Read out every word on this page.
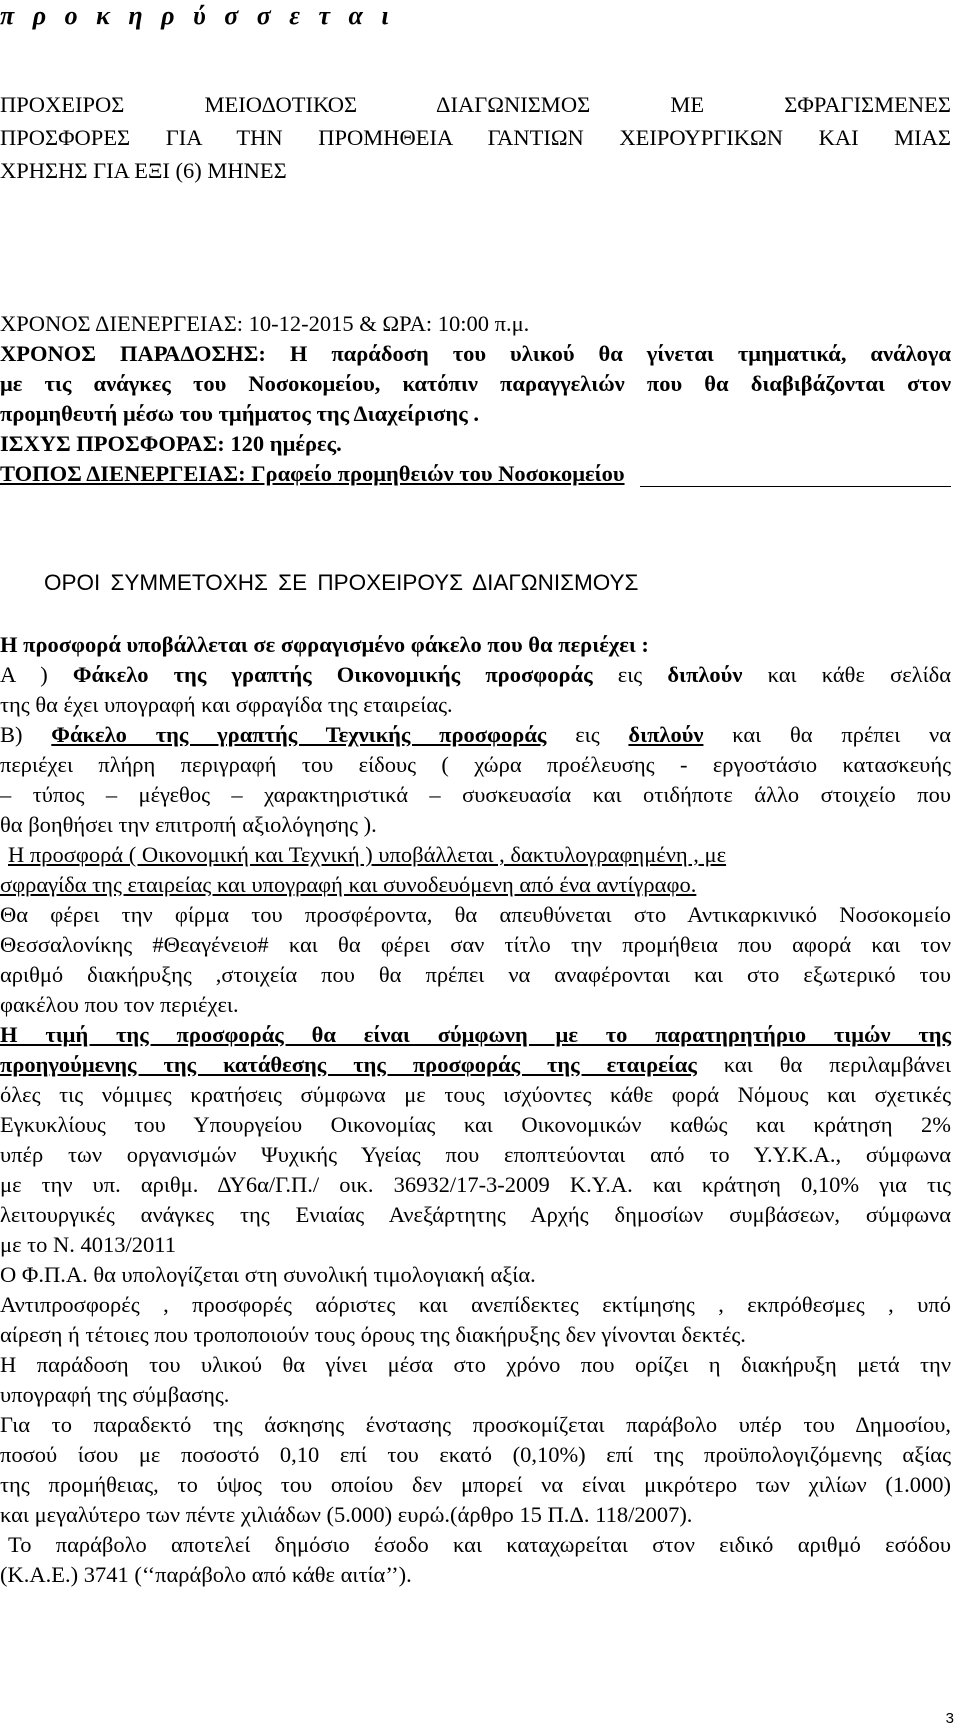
π ρ ο κ η ρ ύ σ σ ε τ α ι
ΠΡΟΧΕΙΡΟΣ	ΜΕΙΟΔΟΤΙΚΟΣ	ΔΙΑΓΩΝΙΣΜΟΣ	ΜΕ	ΣΦΡΑΓΙΣΜΕΝΕΣ
ΠΡΟΣΦΟΡΕΣ ΓΙΑ ΤΗΝ ΠΡΟΜΗΘΕΙΑ ΓΑΝΤΙΩΝ ΧΕΙΡΟΥΡΓΙΚΩΝ ΚΑΙ ΜΙΑΣ
ΧΡΗΣΗΣ ΓΙΑ ΕΞΙ (6) ΜΗΝΕΣ
ΧΡΟΝΟΣ ΔΙΕΝΕΡΓΕΙΑΣ: 10-12-2015 & ΩΡΑ: 10:00 π.μ.
ΧΡΟΝΟΣ ΠΑΡΑΔΟΣΗΣ: Η παράδοση του υλικού θα γίνεται τμηματικά, ανάλογα
με τις ανάγκες του Νοσοκομείου, κατόπιν παραγγελιών που θα διαβιβάζονται στον
προμηθευτή μέσω του τμήματος της Διαχείρισης .
ΙΣΧΥΣ ΠΡΟΣΦΟΡΑΣ: 120 ημέρες.
ΤΟΠΟΣ ΔΙΕΝΕΡΓΕΙΑΣ: Γραφείο προμηθειών του Νοσοκομείου
ΟΡΟΙ ΣΥΜΜΕΤΟΧΗΣ ΣΕ ΠΡΟΧΕΙΡΟΥΣ ΔΙΑΓΩΝΙΣΜΟΥΣ
Η προσφορά υποβάλλεται σε σφραγισμένο φάκελο που θα περιέχει :
Α ) Φάκελο της γραπτής Οικονομικής προσφοράς εις διπλούν και κάθε σελίδα
της θα έχει υπογραφή και σφραγίδα της εταιρείας.
Β) Φάκελο της γραπτής Τεχνικής προσφοράς εις διπλούν και θα πρέπει να
περιέχει πλήρη περιγραφή του είδους ( χώρα προέλευσης - εργοστάσιο κατασκευής
– τύπος – μέγεθος – χαρακτηριστικά – συσκευασία και οτιδήποτε άλλο στοιχείο που
θα βοηθήσει την επιτροπή αξιολόγησης ).
Η προσφορά ( Οικονομική και Τεχνική ) υποβάλλεται , δακτυλογραφημένη , με
σφραγίδα της εταιρείας και υπογραφή και συνοδευόμενη από ένα αντίγραφο.
Θα φέρει την φίρμα του προσφέροντα, θα απευθύνεται στο Αντικαρκινικό Νοσοκομείο
Θεσσαλονίκης #Θεαγένειο# και θα φέρει σαν τίτλο την προμήθεια που αφορά και τον
αριθμό διακήρυξης ,στοιχεία που θα πρέπει να αναφέρονται και στο εξωτερικό του
φακέλου που τον περιέχει.
Η τιμή της προσφοράς θα είναι σύμφωνη με το παρατηρητήριο τιμών της
προηγούμενης της κατάθεσης της προσφοράς της εταιρείας και θα περιλαμβάνει
όλες τις νόμιμες κρατήσεις σύμφωνα με τους ισχύοντες κάθε φορά Νόμους και σχετικές
Εγκυκλίους του Υπουργείου Οικονομίας και Οικονομικών καθώς και κράτηση 2%
υπέρ των οργανισμών Ψυχικής Υγείας που εποπτεύονται από το Υ.Υ.Κ.Α., σύμφωνα
με την υπ. αριθμ. ΔΥ6α/Γ.Π./ οικ. 36932/17-3-2009 Κ.Υ.Α. και κράτηση 0,10% για τις
λειτουργικές ανάγκες της Ενιαίας Ανεξάρτητης Αρχής δημοσίων συμβάσεων, σύμφωνα
με το Ν. 4013/2011
Ο Φ.Π.Α. θα υπολογίζεται στη συνολική τιμολογιακή αξία.
Αντιπροσφορές , προσφορές αόριστες και ανεπίδεκτες εκτίμησης , εκπρόθεσμες , υπό
αίρεση ή τέτοιες που τροποποιούν τους όρους της διακήρυξης δεν γίνονται δεκτές.
Η παράδοση του υλικού θα γίνει μέσα στο χρόνο που ορίζει η διακήρυξη μετά την
υπογραφή της σύμβασης.
Για το παραδεκτό της άσκησης ένστασης προσκομίζεται παράβολο υπέρ του Δημοσίου,
ποσού ίσου με ποσοστό 0,10 επί του εκατό (0,10%) επί της προϋπολογιζόμενης αξίας
της προμήθειας, το ύψος του οποίου δεν μπορεί να είναι μικρότερο των χιλίων (1.000)
και μεγαλύτερο των πέντε χιλιάδων (5.000) ευρώ.(άρθρο 15 Π.Δ. 118/2007).
Το παράβολο αποτελεί δημόσιο έσοδο και καταχωρείται στον ειδικό αριθμό εσόδου
(Κ.Α.Ε.) 3741 (‘‘παράβολο από κάθε αιτία’’).
3
